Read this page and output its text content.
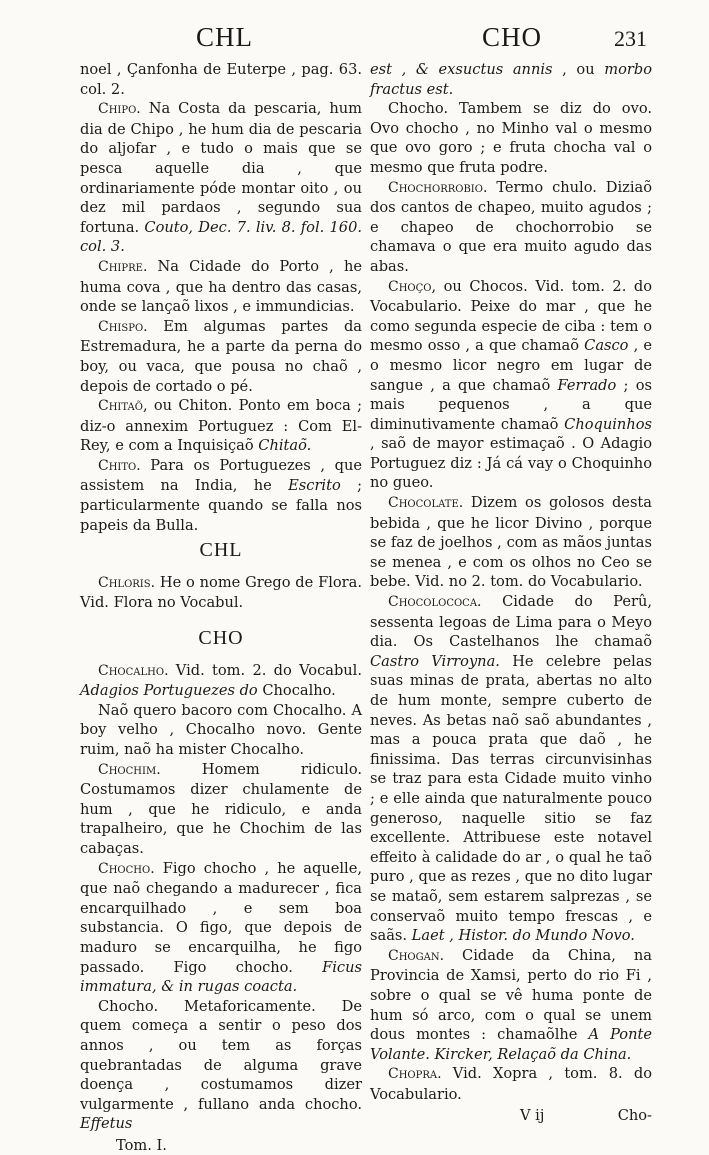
CHL	CHO	231

noel , Çanfonha de Euterpe , pag. 63. col. 2.

Chipo. Na Costa da pescaria, hum dia de Chipo , he hum dia de pescaria do aljofar , e tudo o mais que se pesca aquelle dia , que ordinariamente póde montar oito , ou dez mil pardaos , segundo sua fortuna. Couto, Dec. 7. liv. 8. fol. 160. col. 3.

Chipre. Na Cidade do Porto , he huma cova , que ha dentro das casas, onde se lançaõ lixos , e immundicias.

Chispo. Em algumas partes da Estremadura, he a parte da perna do boy, ou vaca, que pousa no chaõ , depois de cortado o pé.

Chitaõ, ou Chiton. Ponto em boca ; diz-o annexim Portuguez : Com El-Rey, e com a Inquisiçaõ Chitaõ.

Chito. Para os Portuguezes , que assistem na India, he Escrito ; particularmente quando se falla nos papeis da Bulla.

CHL

Chloris. He o nome Grego de Flora. Vid. Flora no Vocabul.

CHO

Chocalho. Vid. tom. 2. do Vocabul. Adagios Portuguezes do Chocalho.

Naõ quero bacoro com Chocalho. A boy velho , Chocalho novo. Gente ruim, naõ ha mister Chocalho.

Chochim. Homem ridiculo. Costumamos dizer chulamente de hum , que he ridiculo, e anda trapalheiro, que he Chochim de las cabaças.

Chocho. Figo chocho , he aquelle, que naõ chegando a madurecer , fica encarquilhado , e sem boa substancia. O figo, que depois de maduro se encarquilha, he figo passado. Figo chocho. Ficus immatura, & in rugas coacta.

Chocho. Metaforicamente. De quem começa a sentir o peso dos annos , ou tem as forças quebrantadas de alguma grave doença , costumamos dizer vulgarmente , fullano anda chocho. Effetus

Tom. I.

est , & exsuctus annis , ou morbo fractus est.

Chocho. Tambem se diz do ovo. Ovo chocho , no Minho val o mesmo que ovo goro ; e fruta chocha val o mesmo que fruta podre.

Chochorrobio. Termo chulo. Diziaõ dos cantos de chapeo, muito agudos ; e chapeo de chochorrobio se chamava o que era muito agudo das abas.

Choço, ou Chocos. Vid. tom. 2. do Vocabulario. Peixe do mar , que he como segunda especie de ciba : tem o mesmo osso , a que chamaõ Casco , e o mesmo licor negro em lugar de sangue , a que chamaõ Ferrado ; os mais pequenos , a que diminutivamente chamaõ Choquinhos , saõ de mayor estimaçaõ . O Adagio Portuguez diz : Já cá vay o Choquinho no gueo.

Chocolate. Dizem os golosos desta bebida , que he licor Divino , porque se faz de joelhos , com as mãos juntas se menea , e com os olhos no Ceo se bebe. Vid. no 2. tom. do Vocabulario.

Chocolococa. Cidade do Perû, sessenta legoas de Lima para o Meyo dia. Os Castelhanos lhe chamaõ Castro Virroyna. He celebre pelas suas minas de prata, abertas no alto de hum monte, sempre cuberto de neves. As betas naõ saõ abundantes , mas a pouca prata que daõ , he finissima. Das terras circunvisinhas se traz para esta Cidade muito vinho ; e elle ainda que naturalmente pouco generoso, naquelle sitio se faz excellente. Attribuese este notavel effeito à calidade do ar , o qual he taõ puro , que as rezes , que no dito lugar se mataõ, sem estarem salprezas , se conservaõ muito tempo frescas , e saãs. Laet , Histor. do Mundo Novo.

Chogan. Cidade da China, na Provincia de Xamsi, perto do rio Fi , sobre o qual se vê huma ponte de hum só arco, com o qual se unem dous montes : chamaõlhe A Ponte Volante. Kircker, Relaçaõ da China.

Chopra. Vid. Xopra , tom. 8. do Vocabulario.

V ij	Cho-
